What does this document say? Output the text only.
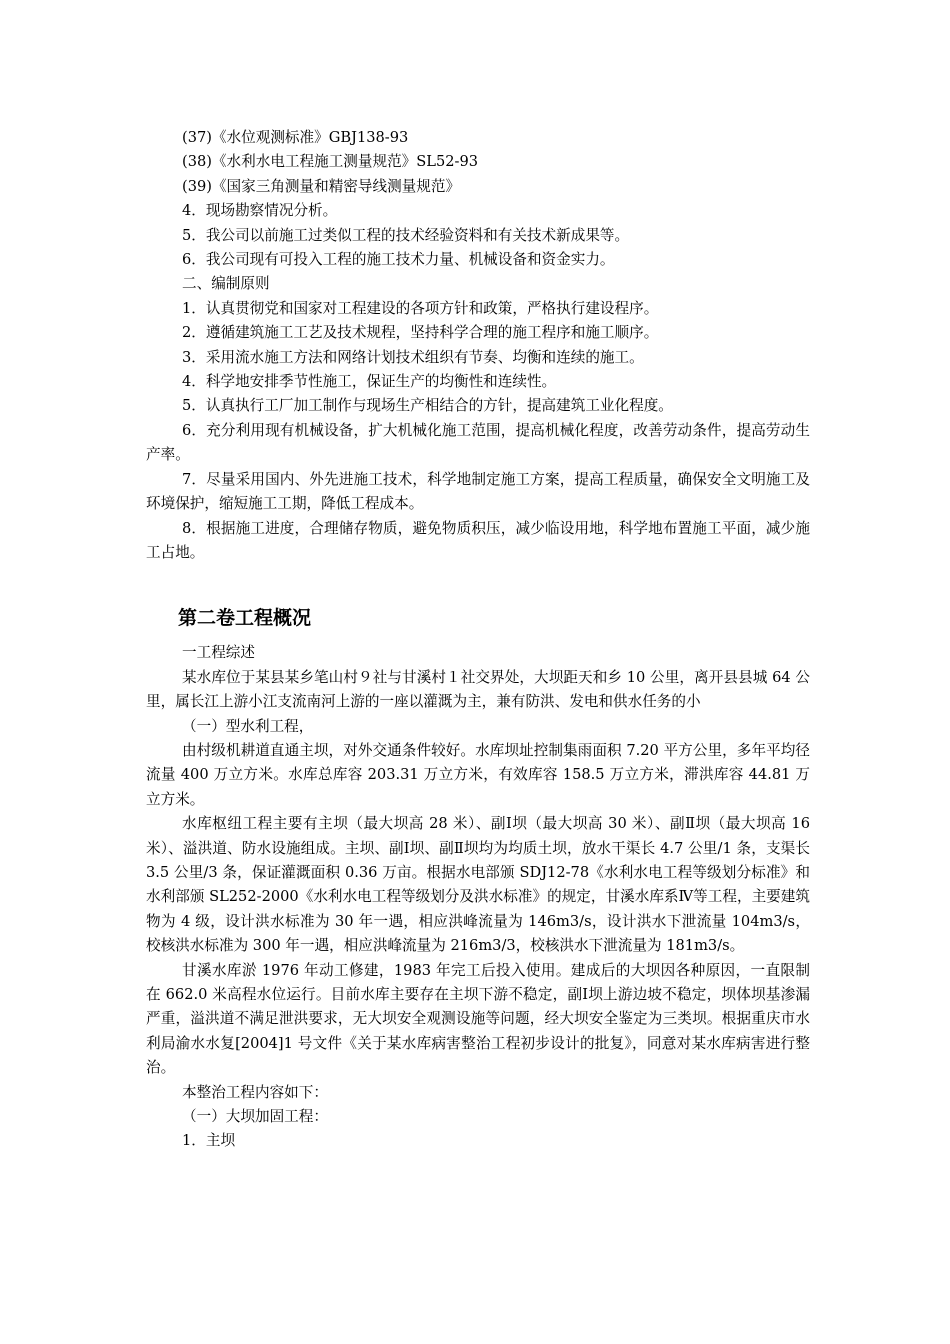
(37)《水位观测标准》GBJ138-93

(38)《水利水电工程施工测量规范》SL52-93

(39)《国家三角测量和精密导线测量规范》

4．现场勘察情况分析。

5．我公司以前施工过类似工程的技术经验资料和有关技术新成果等。

6．我公司现有可投入工程的施工技术力量、机械设备和资金实力。

二、编制原则

1．认真贯彻党和国家对工程建设的各项方针和政策，严格执行建设程序。

2．遵循建筑施工工艺及技术规程，坚持科学合理的施工程序和施工顺序。

3．采用流水施工方法和网络计划技术组织有节奏、均衡和连续的施工。

4．科学地安排季节性施工，保证生产的均衡性和连续性。

5．认真执行工厂加工制作与现场生产相结合的方针，提高建筑工业化程度。

6．充分利用现有机械设备，扩大机械化施工范围，提高机械化程度，改善劳动条件，提高劳动生产率。

7．尽量采用国内、外先进施工技术，科学地制定施工方案，提高工程质量，确保安全文明施工及环境保护，缩短施工工期，降低工程成本。

8．根据施工进度，合理储存物质，避免物质积压，减少临设用地，科学地布置施工平面，减少施工占地。

第二卷工程概况

一工程综述

某水库位于某县某乡笔山村９社与甘溪村１社交界处，大坝距天和乡 10 公里，离开县县城 64 公里，属长江上游小江支流南河上游的一座以灌溉为主，兼有防洪、发电和供水任务的小

（一）型水利工程，

由村级机耕道直通主坝，对外交通条件较好。水库坝址控制集雨面积 7.20 平方公里，多年平均径流量 400 万立方米。水库总库容 203.31 万立方米，有效库容 158.5 万立方米，滞洪库容 44.81 万立方米。

水库枢纽工程主要有主坝（最大坝高 28 米）、副Ⅰ坝（最大坝高 30 米）、副Ⅱ坝（最大坝高 16 米）、溢洪道、防水设施组成。主坝、副Ⅰ坝、副Ⅱ坝均为均质土坝，放水干渠长 4.7 公里/1 条，支渠长 3.5 公里/3 条，保证灌溉面积 0.36 万亩。根据水电部颁 SDJ12-78《水利水电工程等级划分标准》和水利部颁 SL252-2000《水利水电工程等级划分及洪水标准》的规定，甘溪水库系Ⅳ等工程，主要建筑物为 4 级，设计洪水标准为 30 年一遇，相应洪峰流量为 146m3/s，设计洪水下泄流量 104m3/s，校核洪水标准为 300 年一遇，相应洪峰流量为 216m3/3，校核洪水下泄流量为 181m3/s。

甘溪水库淤 1976 年动工修建，1983 年完工后投入使用。建成后的大坝因各种原因，一直限制在 662.0 米高程水位运行。目前水库主要存在主坝下游不稳定，副Ⅰ坝上游边坡不稳定，坝体坝基渗漏严重，溢洪道不满足泄洪要求，无大坝安全观测设施等问题，经大坝安全鉴定为三类坝。根据重庆市水利局渝水水复[2004]1 号文件《关于某水库病害整治工程初步设计的批复》，同意对某水库病害进行整治。

本整治工程内容如下：

（一）大坝加固工程：

1．主坝
